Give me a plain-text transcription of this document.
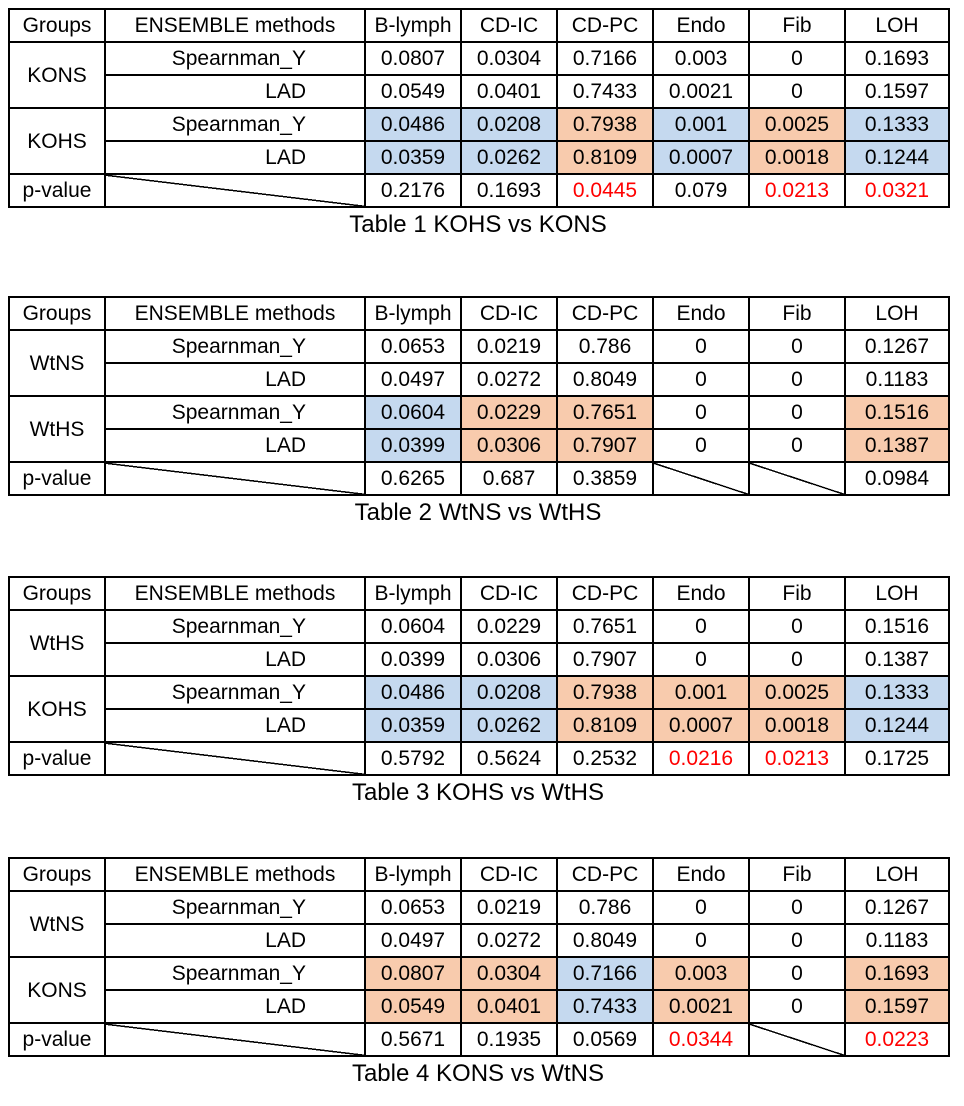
Groups	ENSEMBLE methods	B-lymph	CD-IC	CD-PC	Endo	Fib	LOH
KONS	Spearnman_Y	0.0807	0.0304	0.7166	0.003	0	0.1693
	LAD	0.0549	0.0401	0.7433	0.0021	0	0.1597
KOHS	Spearnman_Y	0.0486	0.0208	0.7938	0.001	0.0025	0.1333
	LAD	0.0359	0.0262	0.8109	0.0007	0.0018	0.1244
p-value		0.2176	0.1693	0.0445	0.079	0.0213	0.0321
Table 1 KOHS vs KONS
Groups	ENSEMBLE methods	B-lymph	CD-IC	CD-PC	Endo	Fib	LOH
WtNS	Spearnman_Y	0.0653	0.0219	0.786	0	0	0.1267
	LAD	0.0497	0.0272	0.8049	0	0	0.1183
WtHS	Spearnman_Y	0.0604	0.0229	0.7651	0	0	0.1516
	LAD	0.0399	0.0306	0.7907	0	0	0.1387
p-value		0.6265	0.687	0.3859			0.0984
Table 2 WtNS vs WtHS
Groups	ENSEMBLE methods	B-lymph	CD-IC	CD-PC	Endo	Fib	LOH
WtHS	Spearnman_Y	0.0604	0.0229	0.7651	0	0	0.1516
	LAD	0.0399	0.0306	0.7907	0	0	0.1387
KOHS	Spearnman_Y	0.0486	0.0208	0.7938	0.001	0.0025	0.1333
	LAD	0.0359	0.0262	0.8109	0.0007	0.0018	0.1244
p-value		0.5792	0.5624	0.2532	0.0216	0.0213	0.1725
Table 3 KOHS vs WtHS
Groups	ENSEMBLE methods	B-lymph	CD-IC	CD-PC	Endo	Fib	LOH
WtNS	Spearnman_Y	0.0653	0.0219	0.786	0	0	0.1267
	LAD	0.0497	0.0272	0.8049	0	0	0.1183
KONS	Spearnman_Y	0.0807	0.0304	0.7166	0.003	0	0.1693
	LAD	0.0549	0.0401	0.7433	0.0021	0	0.1597
p-value		0.5671	0.1935	0.0569	0.0344		0.0223
Table 4 KONS vs WtNS
